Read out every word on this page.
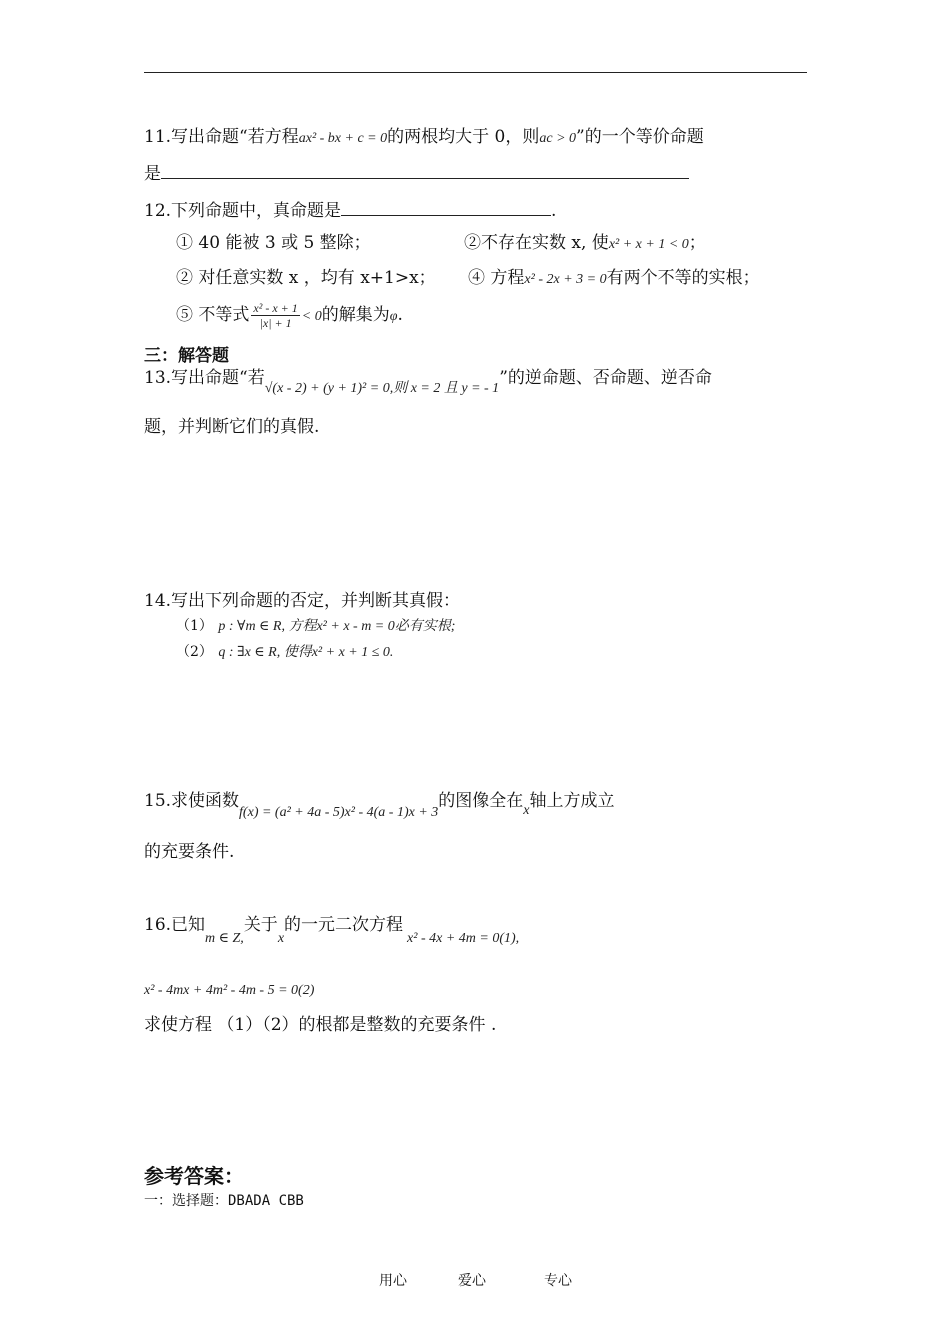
11.写出命题“若方程ax² - bx + c = 0的两根均大于 0，则ac > 0”的一个等价命题
是
12.下列命题中，真命题是	.
① 40 能被 3 或 5 整除；	②不存在实数 x, 使x² + x + 1 < 0；
② 对任意实数 x ，均有 x+1>x； ④ 方程x² - 2x + 3 = 0有两个不等的实根；
⑤ 不等式 $\frac{\text{x² - x + 1}}{|x| + 1} < 0$的解集为φ.
三：解答题
13.写出命题“若$_{√(x - 2) + (y + 1)^2 = 0,则 x = 2 且 y = - 1}$”的逆命题、否命题、逆否命
题，并判断它们的真假.
14.写出下列命题的否定，并判断其真假：
（1） p : ∀m ∈ R, 方程x² + x - m = 0必有实根;
（2） q : ∃x ∈ R, 使得x² + x + 1 ≤ 0.
15.求使函数$_{f(x) = (a^2 + 4a - 5)x^2 - 4(a - 1)x + 3}$的图像全在$_x$轴上方成立
的充要条件.
16.已知$_{m \in Z,}$关于$_x$的一元二次方程$_{x^2 - 4x + 4m = 0(1),}$
x² - 4mx + 4m² - 4m - 5 = 0(2)
求使方程 （1）（2）的根都是整数的充要条件 .
参考答案：
一：选择题：DBADA CBB
用心	爱心	专心
